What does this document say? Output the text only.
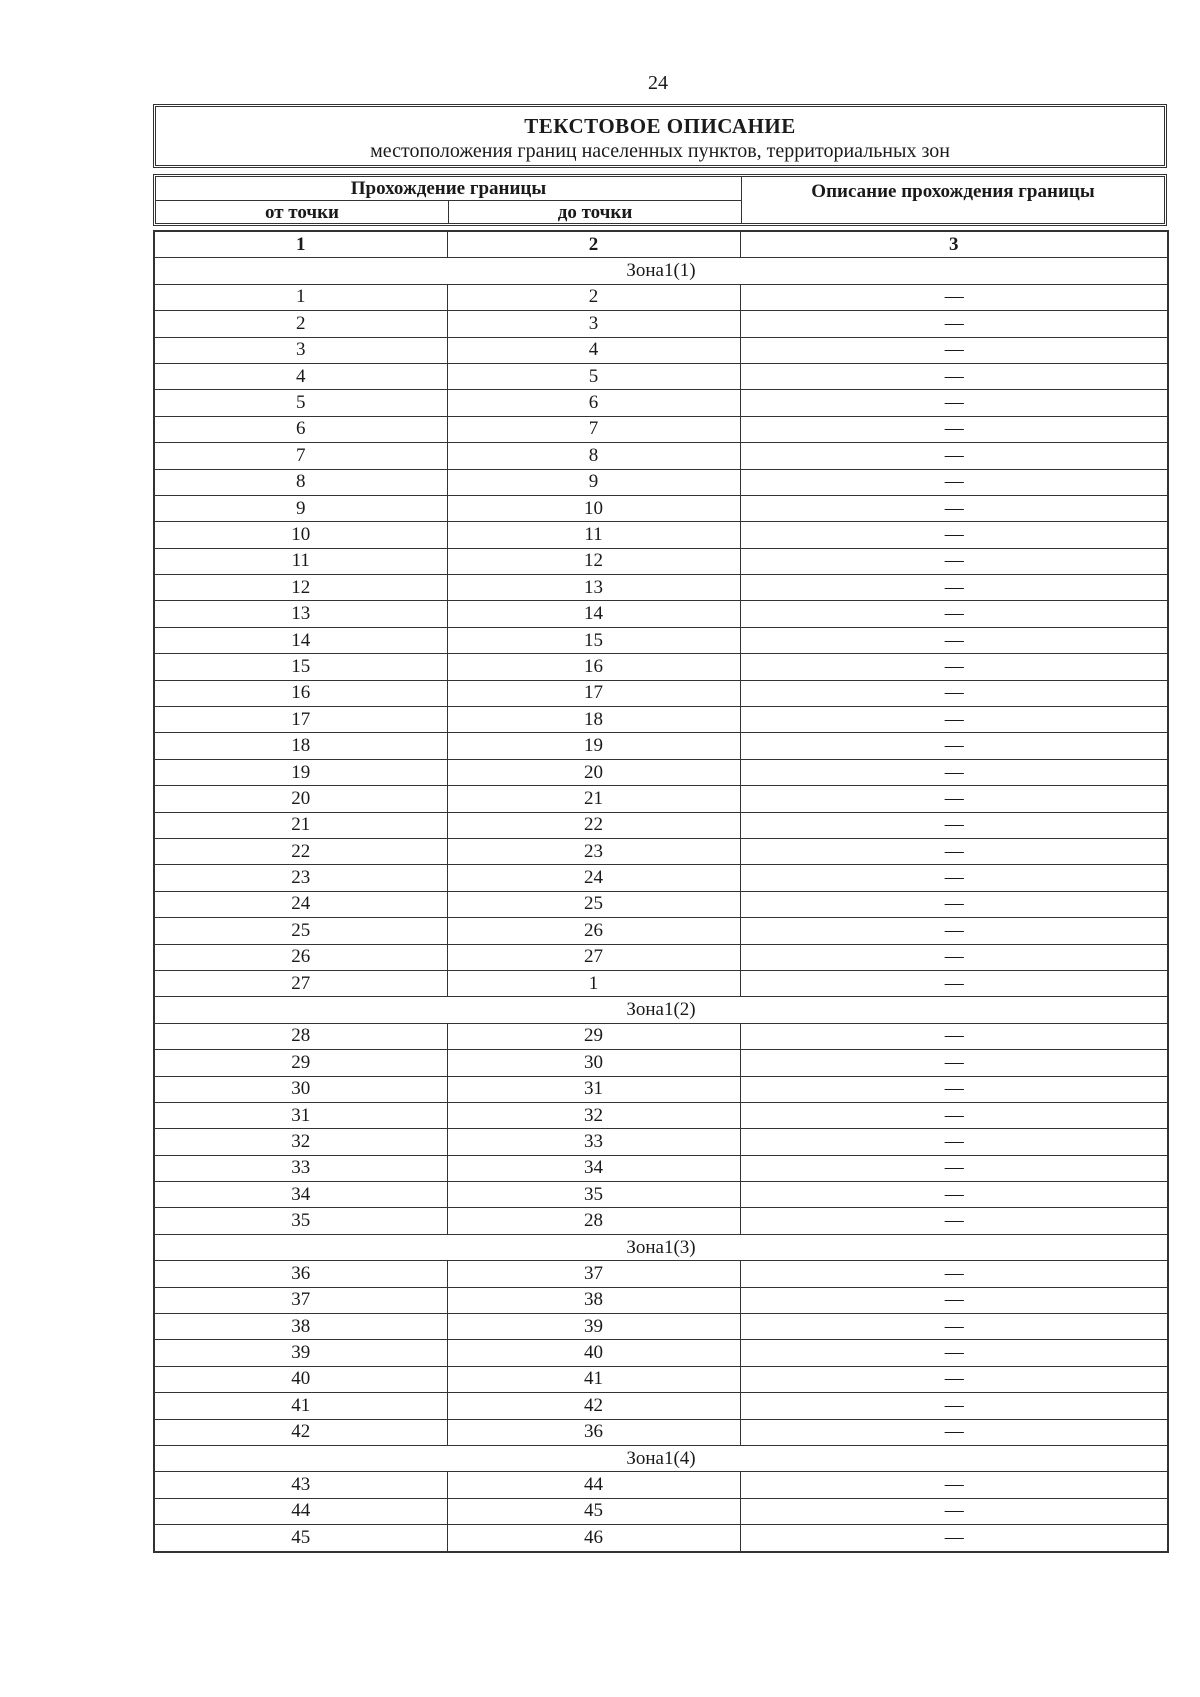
24
ТЕКСТОВОЕ ОПИСАНИЕ
местоположения границ населенных пунктов, территориальных зон
Прохождение границы
от точки	до точки
Описание прохождения границы
1	2	3
Зона1(1)		
1	2	—
2	3	—
3	4	—
4	5	—
5	6	—
6	7	—
7	8	—
8	9	—
9	10	—
10	11	—
11	12	—
12	13	—
13	14	—
14	15	—
15	16	—
16	17	—
17	18	—
18	19	—
19	20	—
20	21	—
21	22	—
22	23	—
23	24	—
24	25	—
25	26	—
26	27	—
27	1	—
Зона1(2)		
28	29	—
29	30	—
30	31	—
31	32	—
32	33	—
33	34	—
34	35	—
35	28	—
Зона1(3)		
36	37	—
37	38	—
38	39	—
39	40	—
40	41	—
41	42	—
42	36	—
Зона1(4)		
43	44	—
44	45	—
45	46	—
